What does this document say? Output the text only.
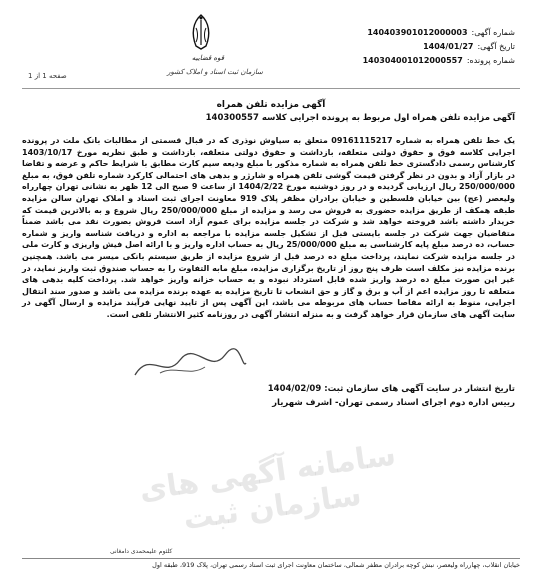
شماره آگهی:
140403901012000003
تاریخ آگهی:
1404/01/27
شماره پرونده:
140304001012000557
قوه قضاییه
سازمان ثبت اسناد و املاک کشور
صفحه 1 از 1
آگهی مزایده تلفن همراه
آگهی مزایده تلفن همراه اول مربوط به پرونده اجرایی کلاسه 140300557
یک خط تلفن همراه به شماره 09161115217 متعلق به سیاوش نوذری که در قبال قسمتی از مطالبات بانک ملت در پرونده اجرایی کلاسه فوق و حقوق دولتی متعلقه، بازداشت و حقوق دولتی متعلقه، بازداشت و طبق نظریه مورخ 1403/10/17 کارشناس رسمی دادگستری خط تلفن همراه به شماره مذکور با مبلغ ودیعه سیم کارت مطابق با شرایط حاکم و عرضه و تقاضا در بازار آزاد و بدون در نظر گرفتن قیمت گوشی تلفن همراه و شارژر و بدهی های احتمالی کارکرد شماره تلفن فوق، به مبلغ 250/000/000 ریال ارزیابی گردیده و در روز دوشنبه مورخ 1404/2/22 از ساعت 9 صبح الی 12 ظهر به نشانی تهران چهارراه ولیعصر (عج) بین خیابان فلسطین و خیابان برادران مظفر پلاک 919 معاونت اجرای ثبت اسناد و املاک تهران سالن مزایده طبقه همکف از طریق مزایده حضوری به فروش می رسد و مزایده از مبلغ 250/000/000 ریال شروع و به بالاترین قیمت که خریدار داشته باشد فروخته خواهد شد و شرکت در جلسه مزایده برای عموم آزاد است فروش بصورت نقد می باشد ضمناً متقاضیان جهت شرکت در جلسه بایستی قبل از تشکیل جلسه مزایده با مراجعه به اداره و دریافت شناسه واریز و شماره حساب، ده درصد مبلغ پایه کارشناسی به مبلغ 25/000/000 ریال به حساب اداره واریز و با ارائه اصل فیش واریزی و کارت ملی در جلسه مزایده شرکت نمایند، پرداخت مبلغ ده درصد قبل از شروع مزایده از طریق سیستم بانکی میسر می باشد. همچنین برنده مزایده نیز مکلف است ظرف پنج روز از تاریخ برگزاری مزایده، مبلغ مابه التفاوت را به حساب صندوق ثبت واریز نماید، در غیر این صورت مبلغ ده درصد واریز شده قابل استرداد نبوده و به حساب خزانه واریز خواهد شد. پرداخت کلیه بدهی های متعلقه تا روز مزایده اعم از آب و برق و گاز و حق انشعاب تا تاریخ مزایده به عهده برنده مزایده می باشد و صدور سند انتقال اجرایی، منوط به ارائه مفاصا حساب های مربوطه می باشد، این آگهی پس از تایید نهایی فرآیند مزایده و ارسال آگهی در سایت آگهی های سازمان قرار خواهد گرفت و به منزله انتشار آگهی در روزنامه کثیر الانتشار تلقی است.
تاریخ انتشار در سایت آگهی های سازمان ثبت: 1404/02/09
رییس اداره دوم اجرای اسناد رسمی تهران- اشرف شهریار
سامانه آگهی های سازمان ثبت
کلثوم علیمحمدی دامغانی
خیابان انقلاب، چهارراه ولیعصر، نبش کوچه برادران مظفر شمالی، ساختمان معاونت اجرای ثبت اسناد رسمی تهران، پلاک 919، طبقه اول
